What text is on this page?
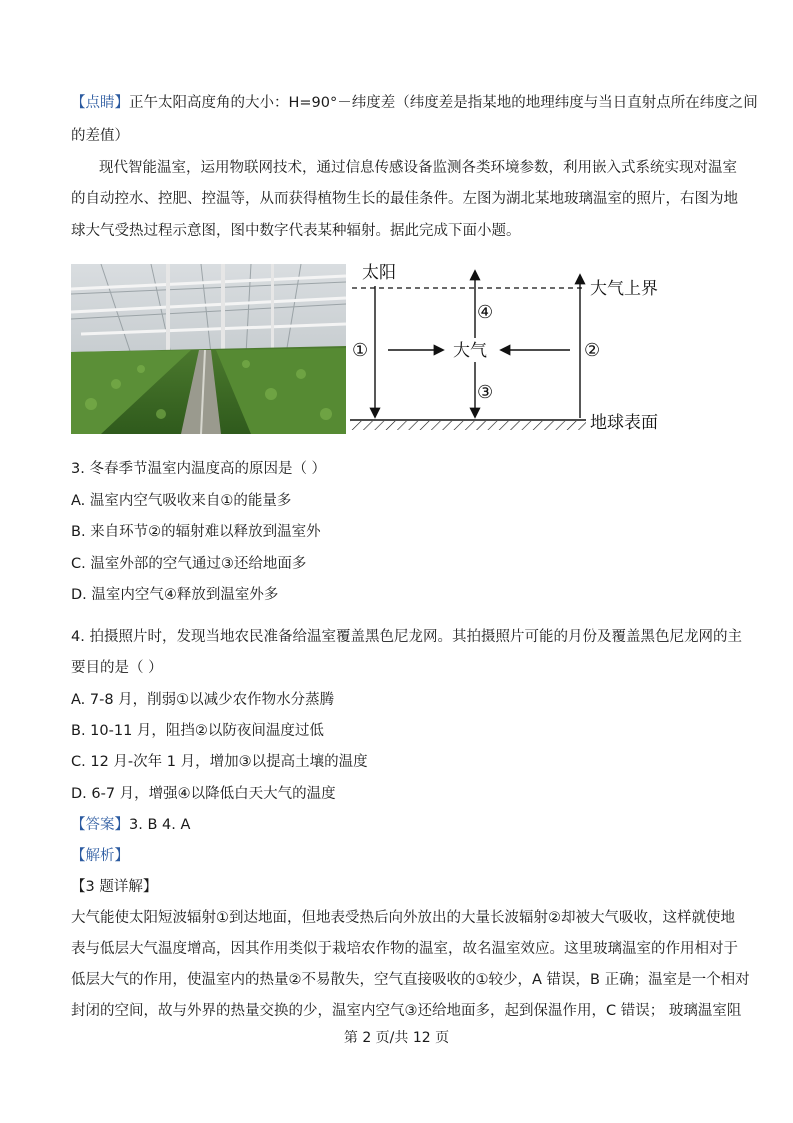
【点睛】正午太阳高度角的大小：H=90°－纬度差（纬度差是指某地的地理纬度与当日直射点所在纬度之间
的差值）
现代智能温室，运用物联网技术，通过信息传感设备监测各类环境参数，利用嵌入式系统实现对温室
的自动控水、控肥、控温等，从而获得植物生长的最佳条件。左图为湖北某地玻璃温室的照片，右图为地
球大气受热过程示意图，图中数字代表某种辐射。据此完成下面小题。
太阳
大气上界
大气
地球表面
①	②
③
④
3. 冬春季节温室内温度高的原因是（ ）
A. 温室内空气吸收来自①的能量多
B. 来自环节②的辐射难以释放到温室外
C. 温室外部的空气通过③还给地面多
D. 温室内空气④释放到温室外多
4. 拍摄照片时，发现当地农民准备给温室覆盖黑色尼龙网。其拍摄照片可能的月份及覆盖黑色尼龙网的主
要目的是（ ）
A. 7-8 月，削弱①以减少农作物水分蒸腾
B. 10-11 月，阻挡②以防夜间温度过低
C. 12 月-次年 1 月，增加③以提高土壤的温度
D. 6-7 月，增强④以降低白天大气的温度
【答案】3. B 4. A
【解析】
【3 题详解】
大气能使太阳短波辐射①到达地面，但地表受热后向外放出的大量长波辐射②却被大气吸收，这样就使地
表与低层大气温度增高，因其作用类似于栽培农作物的温室，故名温室效应。这里玻璃温室的作用相对于
低层大气的作用，使温室内的热量②不易散失，空气直接吸收的①较少，A 错误，B 正确；温室是一个相对
封闭的空间，故与外界的热量交换的少，温室内空气③还给地面多，起到保温作用，C 错误； 玻璃温室阻
第 2 页/共 12 页
